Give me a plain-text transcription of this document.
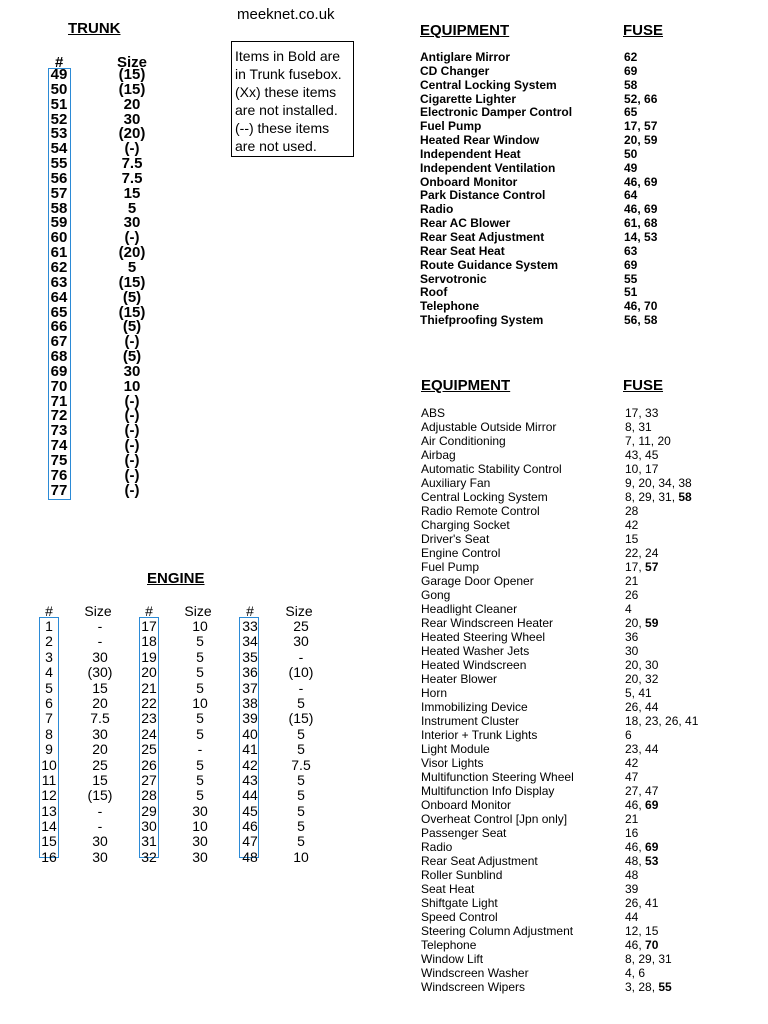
meeknet.co.uk
TRUNK
#	Size
49	(15)
50	(15)
51	20
52	30
53	(20)
54	(-)
55	7.5
56	7.5
57	15
58	5
59	30
60	(-)
61	(20)
62	5
63	(15)
64	(5)
65	(15)
66	(5)
67	(-)
68	(5)
69	30
70	10
71	(-)
72	(-)
73	(-)
74	(-)
75	(-)
76	(-)
77	(-)
Items in Bold are
in Trunk fusebox.
(Xx) these items
are not installed.
(--) these items
are not used.
EQUIPMENT	FUSE
Antiglare Mirror	62
CD Changer	69
Central Locking System	58
Cigarette Lighter	52, 66
Electronic Damper Control	65
Fuel Pump	17, 57
Heated Rear Window	20, 59
Independent Heat	50
Independent Ventilation	49
Onboard Monitor	46, 69
Park Distance Control	64
Radio	46, 69
Rear AC Blower	61, 68
Rear Seat Adjustment	14, 53
Rear Seat Heat	63
Route Guidance System	69
Servotronic	55
Roof	51
Telephone	46, 70
Thiefproofing System	56, 58
EQUIPMENT	FUSE
ABS	17, 33
Adjustable Outside Mirror	8, 31
Air Conditioning	7, 11, 20
Airbag	43, 45
Automatic Stability Control	10, 17
Auxiliary Fan	9, 20, 34, 38
Central Locking System	8, 29, 31, 58
Radio Remote Control	28
Charging Socket	42
Driver's Seat	15
Engine Control	22, 24
Fuel Pump	17, 57
Garage Door Opener	21
Gong	26
Headlight Cleaner	4
Rear Windscreen Heater	20, 59
Heated Steering Wheel	36
Heated Washer Jets	30
Heated Windscreen	20, 30
Heater Blower	20, 32
Horn	5, 41
Immobilizing Device	26, 44
Instrument Cluster	18, 23, 26, 41
Interior + Trunk Lights	6
Light Module	23, 44
Visor Lights	42
Multifunction Steering Wheel	47
Multifunction Info Display	27, 47
Onboard Monitor	46, 69
Overheat Control [Jpn only]	21
Passenger Seat	16
Radio	46, 69
Rear Seat Adjustment	48, 53
Roller Sunblind	48
Seat Heat	39
Shiftgate Light	26, 41
Speed Control	44
Steering Column Adjustment	12, 15
Telephone	46, 70
Window Lift	8, 29, 31
Windscreen Washer	4, 6
Windscreen Wipers	3, 28, 55
ENGINE
#	Size
1	-
2	-
3	30
4	(30)
5	15
6	20
7	7.5
8	30
9	20
10	25
11	15
12	(15)
13	-
14	-
15	30
16	30
#	Size
17	10
18	5
19	5
20	5
21	5
22	10
23	5
24	5
25	-
26	5
27	5
28	5
29	30
30	10
31	30
32	30
#	Size
33	25
34	30
35	-
36	(10)
37	-
38	5
39	(15)
40	5
41	5
42	7.5
43	5
44	5
45	5
46	5
47	5
48	10
